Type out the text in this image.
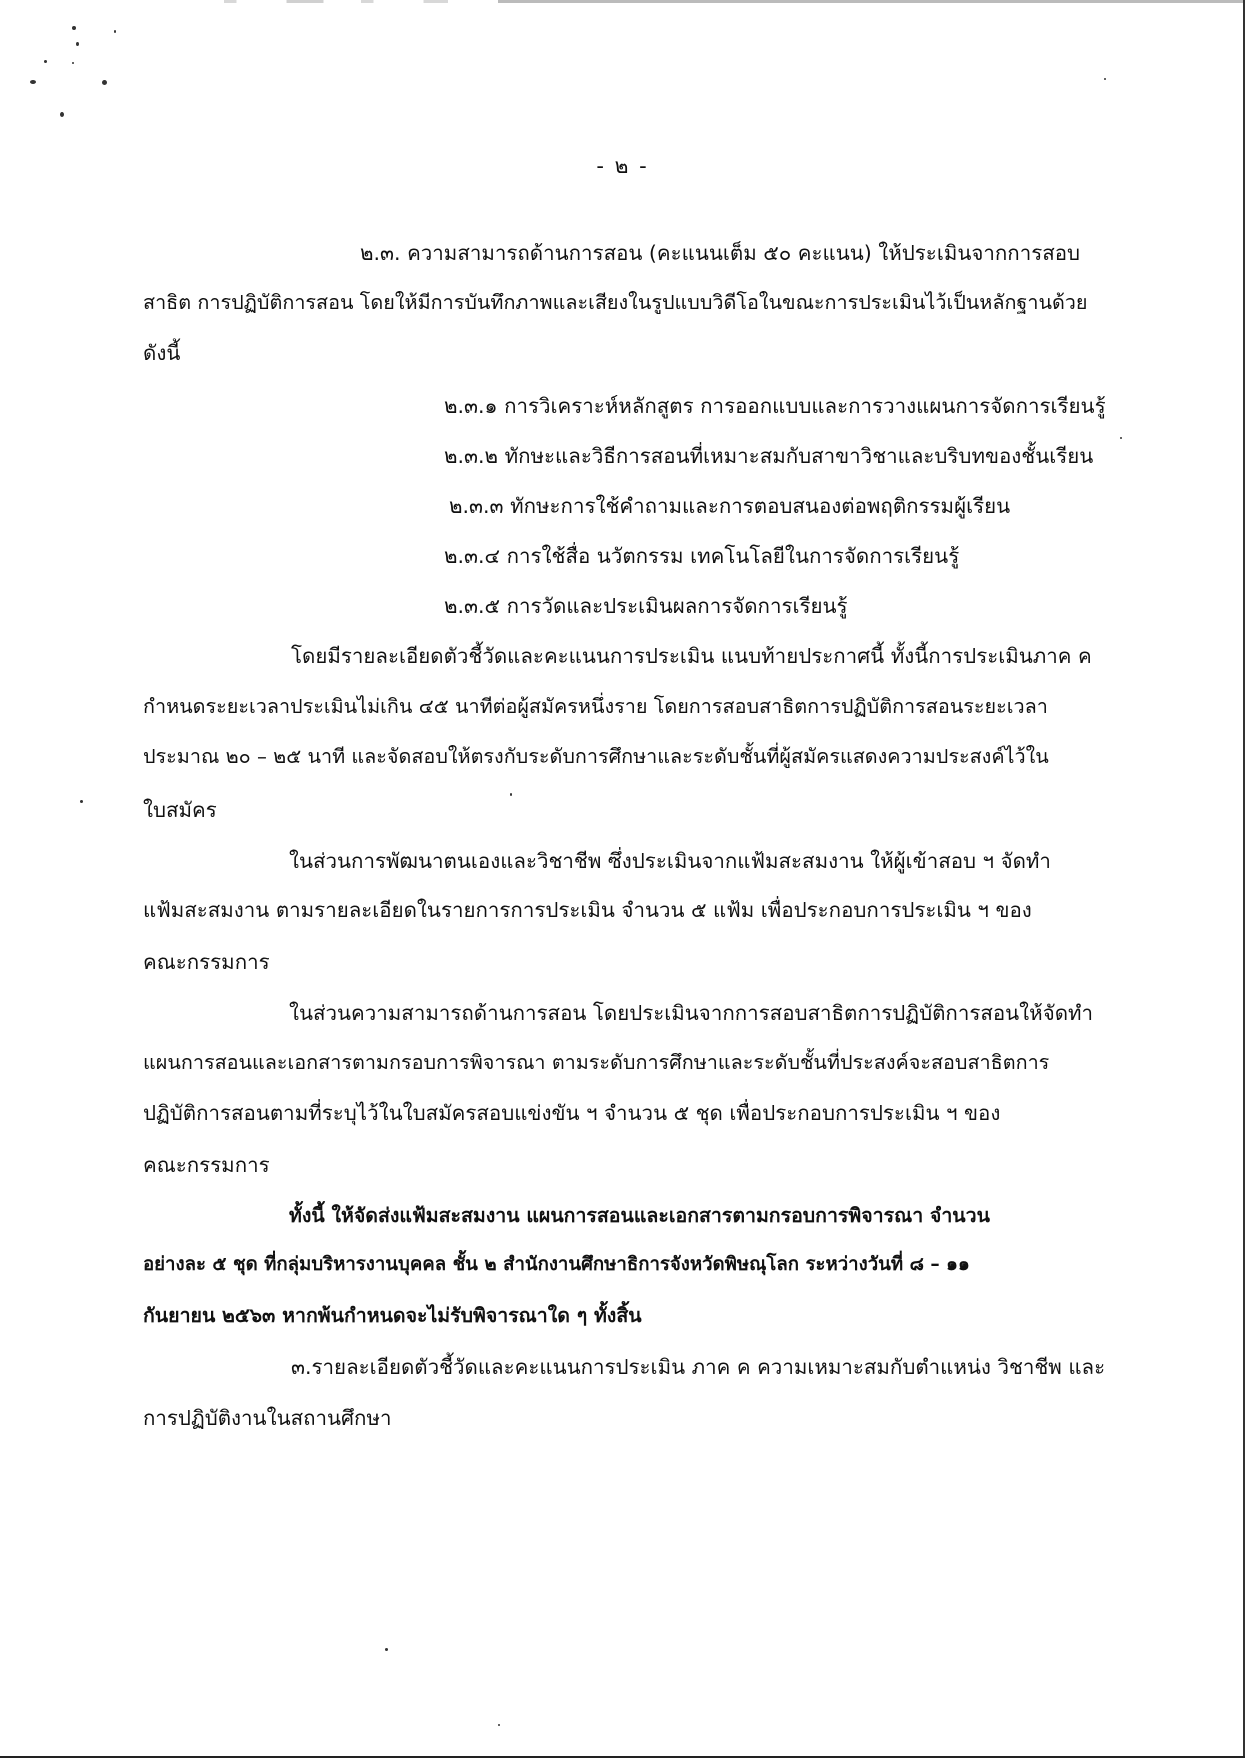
- ๒ -
๒.๓. ความสามารถด้านการสอน (คะแนนเต็ม ๕๐ คะแนน) ให้ประเมินจากการสอบ
สาธิต การปฏิบัติการสอน โดยให้มีการบันทึกภาพและเสียงในรูปแบบวิดีโอในขณะการประเมินไว้เป็นหลักฐานด้วย
ดังนี้
๒.๓.๑ การวิเคราะห์หลักสูตร การออกแบบและการวางแผนการจัดการเรียนรู้
๒.๓.๒ ทักษะและวิธีการสอนที่เหมาะสมกับสาขาวิชาและบริบทของชั้นเรียน
๒.๓.๓ ทักษะการใช้คำถามและการตอบสนองต่อพฤติกรรมผู้เรียน
๒.๓.๔ การใช้สื่อ นวัตกรรม เทคโนโลยีในการจัดการเรียนรู้
๒.๓.๕ การวัดและประเมินผลการจัดการเรียนรู้
โดยมีรายละเอียดตัวชี้วัดและคะแนนการประเมิน แนบท้ายประกาศนี้ ทั้งนี้การประเมินภาค ค
กำหนดระยะเวลาประเมินไม่เกิน ๔๕ นาทีต่อผู้สมัครหนึ่งราย โดยการสอบสาธิตการปฏิบัติการสอนระยะเวลา
ประมาณ ๒๐ – ๒๕ นาที และจัดสอบให้ตรงกับระดับการศึกษาและระดับชั้นที่ผู้สมัครแสดงความประสงค์ไว้ใน
ใบสมัคร
ในส่วนการพัฒนาตนเองและวิชาชีพ ซึ่งประเมินจากแฟ้มสะสมงาน ให้ผู้เข้าสอบ ฯ จัดทำ
แฟ้มสะสมงาน ตามรายละเอียดในรายการการประเมิน จำนวน ๕ แฟ้ม เพื่อประกอบการประเมิน ฯ ของ
คณะกรรมการ
ในส่วนความสามารถด้านการสอน โดยประเมินจากการสอบสาธิตการปฏิบัติการสอนให้จัดทำ
แผนการสอนและเอกสารตามกรอบการพิจารณา ตามระดับการศึกษาและระดับชั้นที่ประสงค์จะสอบสาธิตการ
ปฏิบัติการสอนตามที่ระบุไว้ในใบสมัครสอบแข่งขัน ฯ จำนวน ๕ ชุด เพื่อประกอบการประเมิน ฯ ของ
คณะกรรมการ
ทั้งนี้ ให้จัดส่งแฟ้มสะสมงาน แผนการสอนและเอกสารตามกรอบการพิจารณา จำนวน
อย่างละ ๕ ชุด ที่กลุ่มบริหารงานบุคคล ชั้น ๒ สำนักงานศึกษาธิการจังหวัดพิษณุโลก ระหว่างวันที่ ๘ – ๑๑
กันยายน ๒๕๖๓ หากพ้นกำหนดจะไม่รับพิจารณาใด ๆ ทั้งสิ้น
๓.รายละเอียดตัวชี้วัดและคะแนนการประเมิน ภาค ค ความเหมาะสมกับตำแหน่ง วิชาชีพ และ
การปฏิบัติงานในสถานศึกษา
